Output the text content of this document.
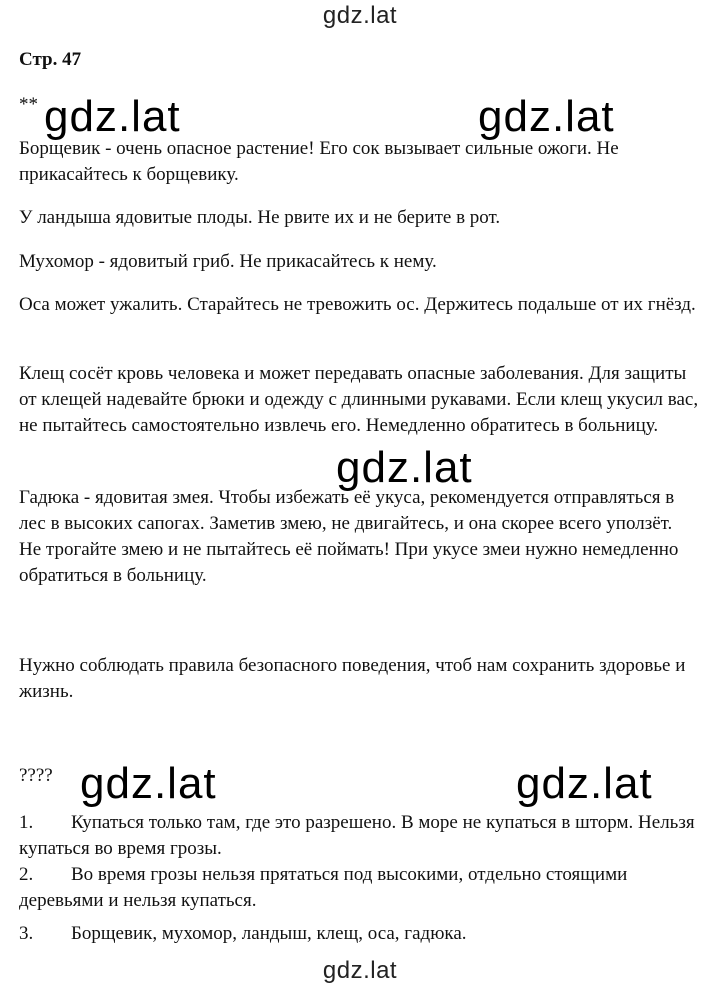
gdz.lat
Стр. 47
**
Борщевик - очень опасное растение! Его сок вызывает сильные ожоги. Не прикасайтесь к борщевику.
У ландыша ядовитые плоды. Не рвите их и не берите в рот.
Мухомор - ядовитый гриб. Не прикасайтесь к нему.
Оса может ужалить. Старайтесь не тревожить ос. Держитесь подальше от их гнёзд.
Клещ сосёт кровь человека и может передавать опасные заболевания. Для защиты от клещей надевайте брюки и одежду с длинными рукавами. Если клещ укусил вас, не пытайтесь самостоятельно извлечь его. Немедленно обратитесь в больницу.
Гадюка - ядовитая змея. Чтобы избежать её укуса, рекомендуется отправляться в лес в высоких сапогах. Заметив змею, не двигайтесь, и она скорее всего уползёт. Не трогайте змею и не пытайтесь её поймать! При укусе змеи нужно немедленно обратиться в больницу.
Нужно соблюдать правила безопасного поведения, чтоб нам сохранить здоровье и жизнь.
????
1. Купаться только там, где это разрешено. В море не купаться в шторм. Нельзя купаться во время грозы.
2. Во время грозы нельзя прятаться под высокими, отдельно стоящими деревьями и нельзя купаться.
3. Борщевик, мухомор, ландыш, клещ, оса, гадюка.
gdz.lat	gdz.lat
gdz.lat
gdz.lat	gdz.lat
gdz.lat
